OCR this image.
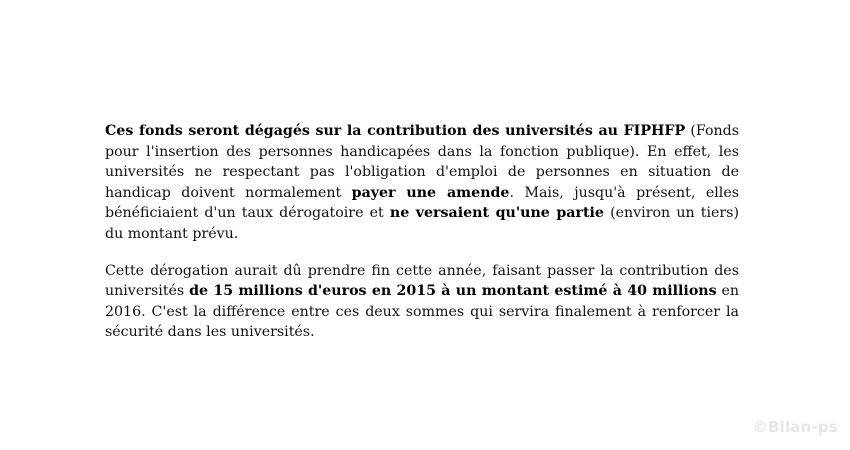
Ces fonds seront dégagés sur la contribution des universités au FIPHFP (Fonds pour l'insertion des personnes handicapées dans la fonction publique). En effet, les universités ne respectant pas l'obligation d'emploi de personnes en situation de handicap doivent normalement payer une amende. Mais, jusqu'à présent, elles bénéficiaient d'un taux dérogatoire et ne versaient qu'une partie (environ un tiers) du montant prévu.

Cette dérogation aurait dû prendre fin cette année, faisant passer la contribution des universités de 15 millions d'euros en 2015 à un montant estimé à 40 millions en 2016. C'est la différence entre ces deux sommes qui servira finalement à renforcer la sécurité dans les universités.

©Bilan-ps
